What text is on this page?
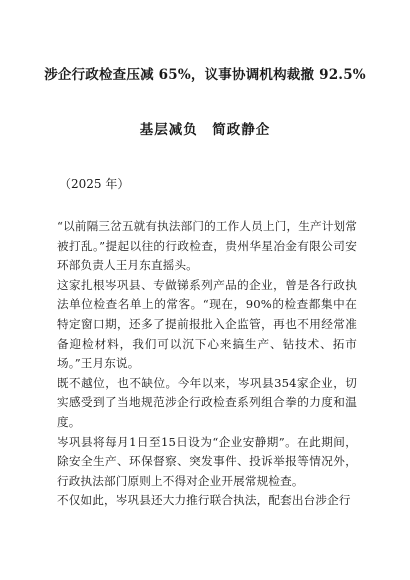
涉企行政检查压减 65%，议事协调机构裁撤 92.5%
基层减负　简政静企
（2025 年）

“以前隔三岔五就有执法部门的工作人员上门，生产计划常被打乱。”提起以往的行政检查，贵州华星冶金有限公司安环部负责人王月东直摇头。

这家扎根岑巩县、专做锑系列产品的企业，曾是各行政执法单位检查名单上的常客。“现在，90%的检查都集中在特定窗口期，还多了提前报批入企监管，再也不用经常准备迎检材料，我们可以沉下心来搞生产、钻技术、拓市场。”王月东说。

既不越位，也不缺位。今年以来，岑巩县354家企业，切实感受到了当地规范涉企行政检查系列组合拳的力度和温度。

岑巩县将每月1日至15日设为“企业安静期”。在此期间，除安全生产、环保督察、突发事件、投诉举报等情况外，行政执法部门原则上不得对企业开展常规检查。

不仅如此，岑巩县还大力推行联合执法，配套出台涉企行
